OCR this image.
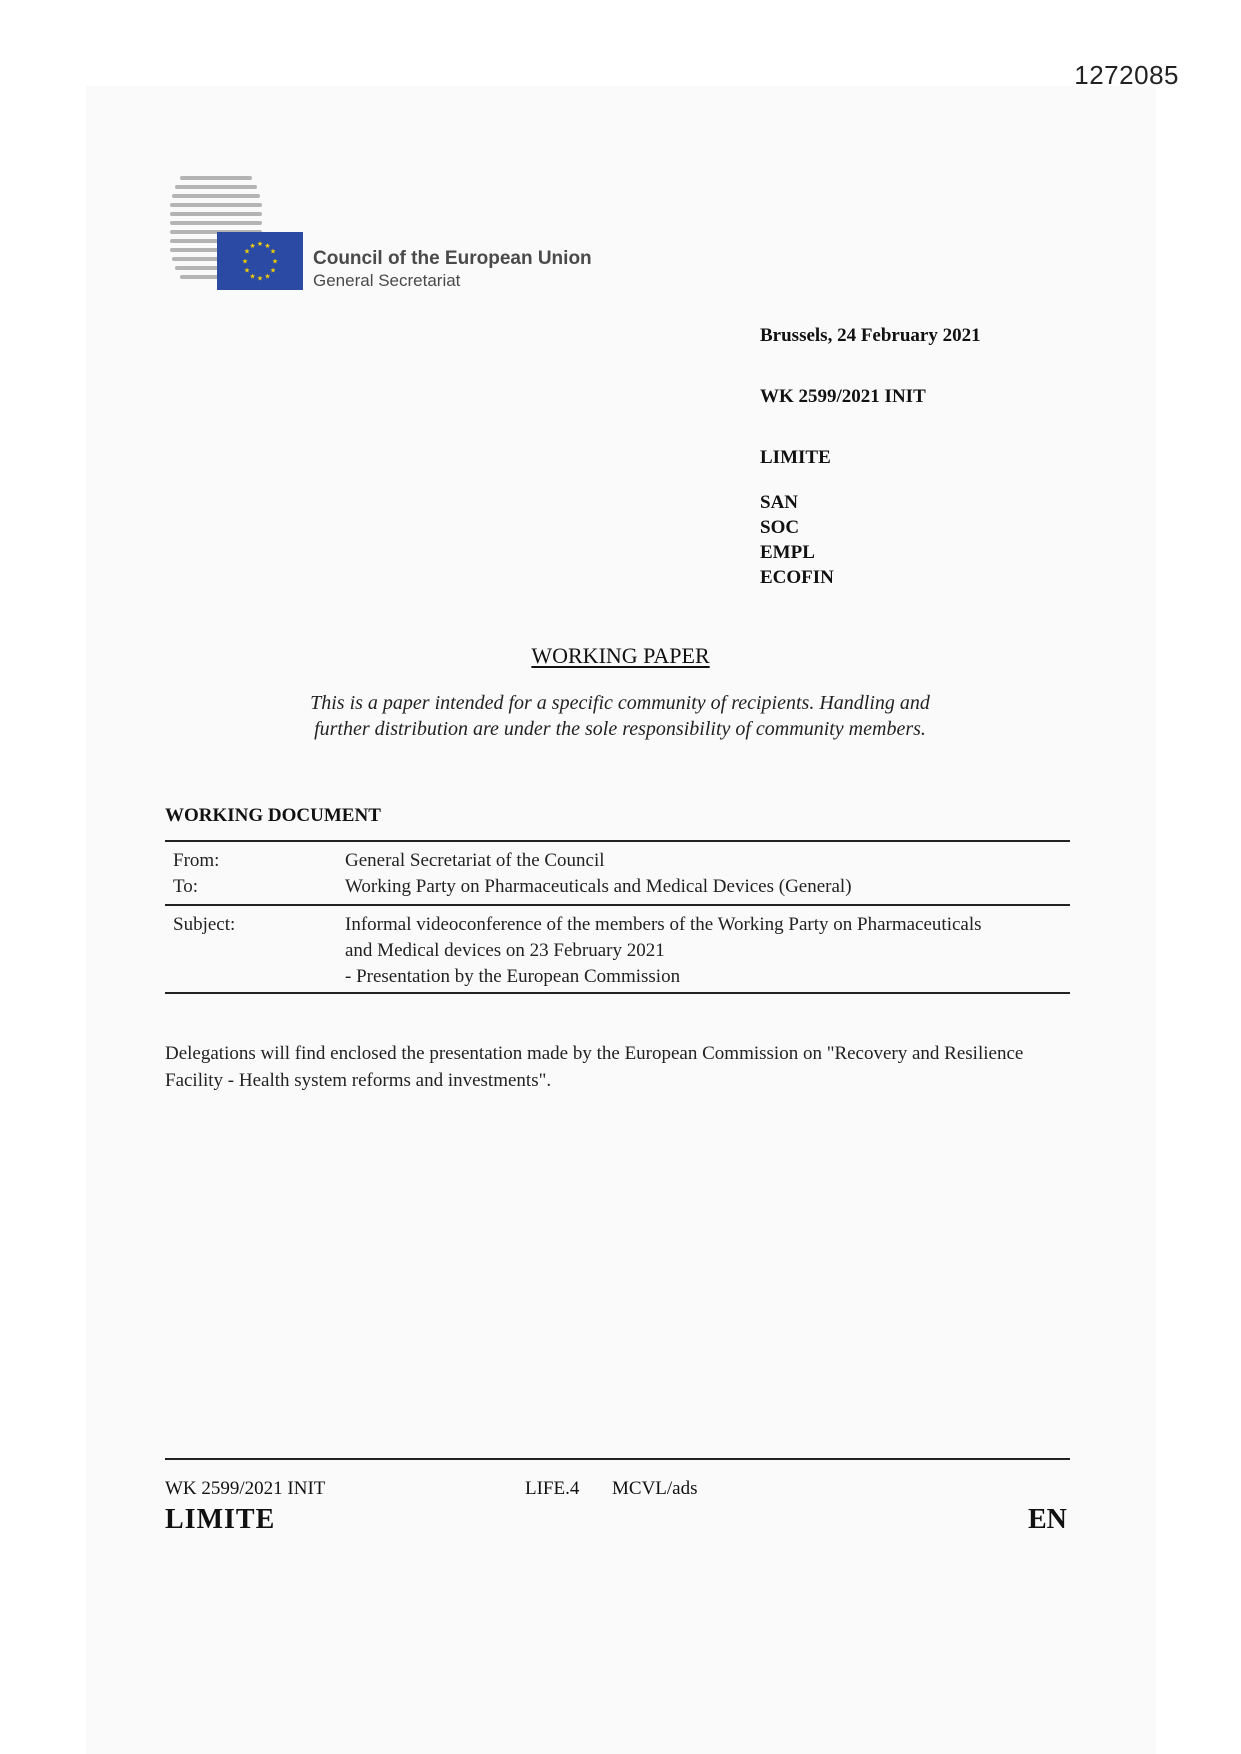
1272085
★ ★
★
★
★
★
★
★
★
★
★
★
Council of the European Union
General Secretariat
Brussels, 24 February 2021
WK 2599/2021 INIT
LIMITE
SAN
SOC
EMPL
ECOFIN
WORKING PAPER
This is a paper intended for a specific community of recipients. Handling and
further distribution are under the sole responsibility of community members.
WORKING DOCUMENT
From:	General Secretariat of the Council
To:	Working Party on Pharmaceuticals and Medical Devices (General)
Subject:	Informal videoconference of the members of the Working Party on Pharmaceuticals
and Medical devices on 23 February 2021
- Presentation by the European Commission
Delegations will find enclosed the presentation made by the European Commission on "Recovery and Resilience Facility - Health system reforms and investments".
WK 2599/2021 INIT	LIFE.4 MCVL/ads
LIMITE	EN
